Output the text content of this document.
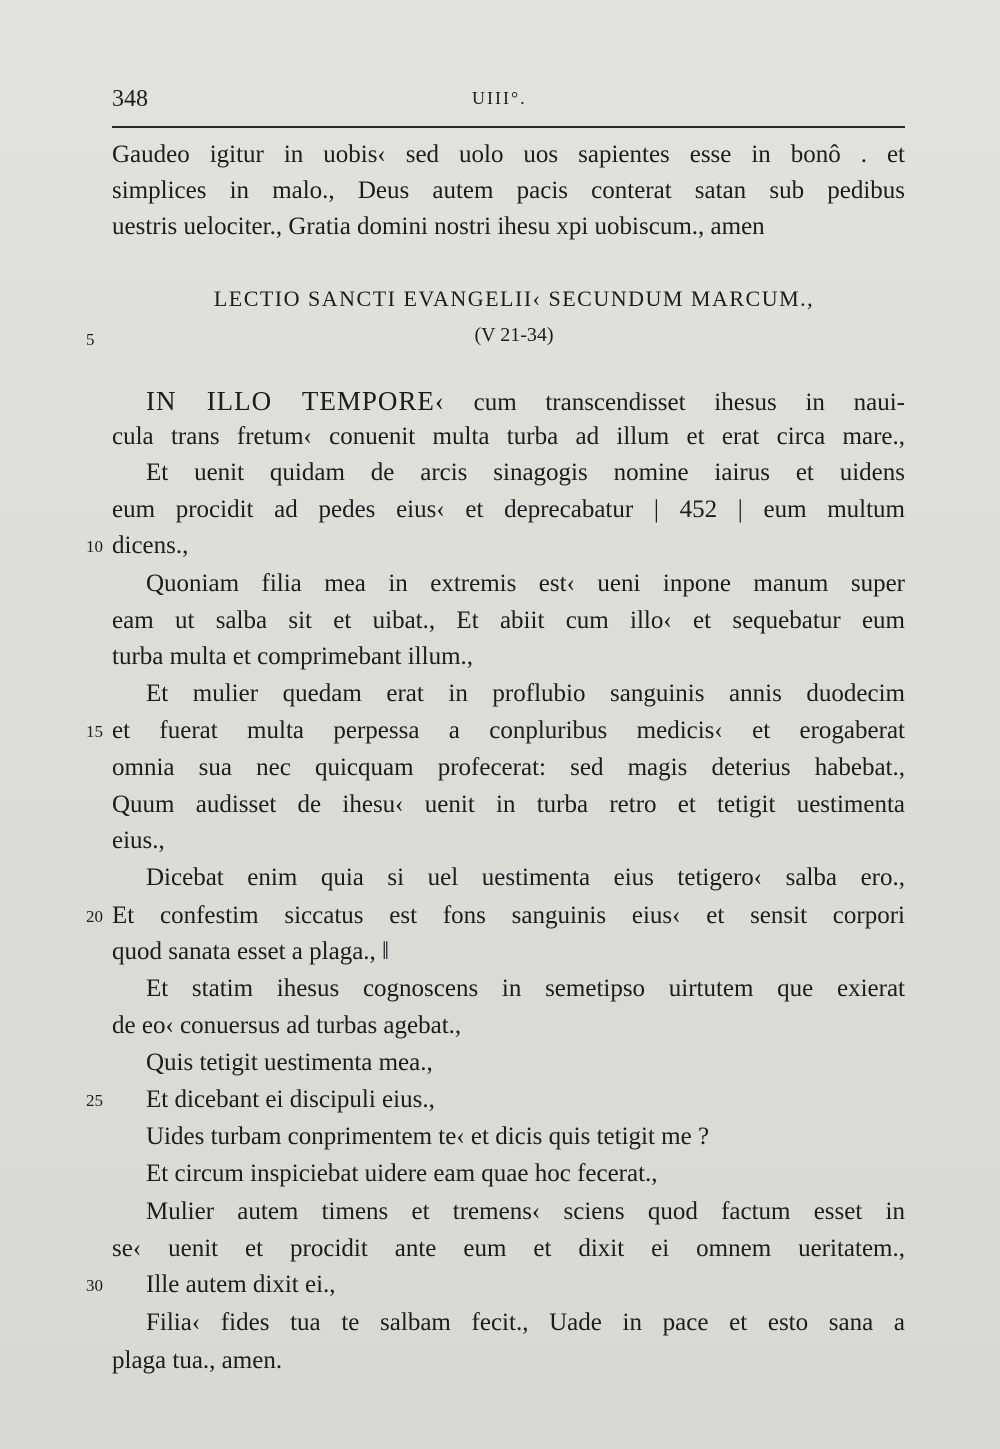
348	UIII°.
Gaudeo igitur in uobis‹ sed uolo uos sapientes esse in bonô . et
simplices in malo., Deus autem pacis conterat satan sub pedibus
uestris uelociter., Gratia domini nostri ihesu xpi uobiscum., amen
LECTIO SANCTI EVANGELII‹ SECUNDUM MARCUM.,
(V 21-34)
5
IN ILLO TEMPORE‹ cum transcendisset ihesus in naui-
cula trans fretum‹ conuenit multa turba ad illum et erat circa mare.,
Et uenit quidam de arcis sinagogis nomine iairus et uidens
eum procidit ad pedes eius‹ et deprecabatur | 452 | eum multum
dicens.,
10
Quoniam filia mea in extremis est‹ ueni inpone manum super
eam ut salba sit et uibat., Et abiit cum illo‹ et sequebatur eum
turba multa et comprimebant illum.,
Et mulier quedam erat in proflubio sanguinis annis duodecim
et fuerat multa perpessa a conpluribus medicis‹ et erogaberat
15
omnia sua nec quicquam profecerat: sed magis deterius habebat.,
Quum audisset de ihesu‹ uenit in turba retro et tetigit uestimenta
eius.,
Dicebat enim quia si uel uestimenta eius tetigero‹ salba ero.,
Et confestim siccatus est fons sanguinis eius‹ et sensit corpori
20
quod sanata esset a plaga., ‖
Et statim ihesus cognoscens in semetipso uirtutem que exierat
de eo‹ conuersus ad turbas agebat.,
Quis tetigit uestimenta mea.,
Et dicebant ei discipuli eius.,
25
Uides turbam conprimentem te‹ et dicis quis tetigit me ?
Et circum inspiciebat uidere eam quae hoc fecerat.,
Mulier autem timens et tremens‹ sciens quod factum esset in
se‹ uenit et procidit ante eum et dixit ei omnem ueritatem.,
Ille autem dixit ei.,
30
Filia‹ fides tua te salbam fecit., Uade in pace et esto sana a
plaga tua., amen.
